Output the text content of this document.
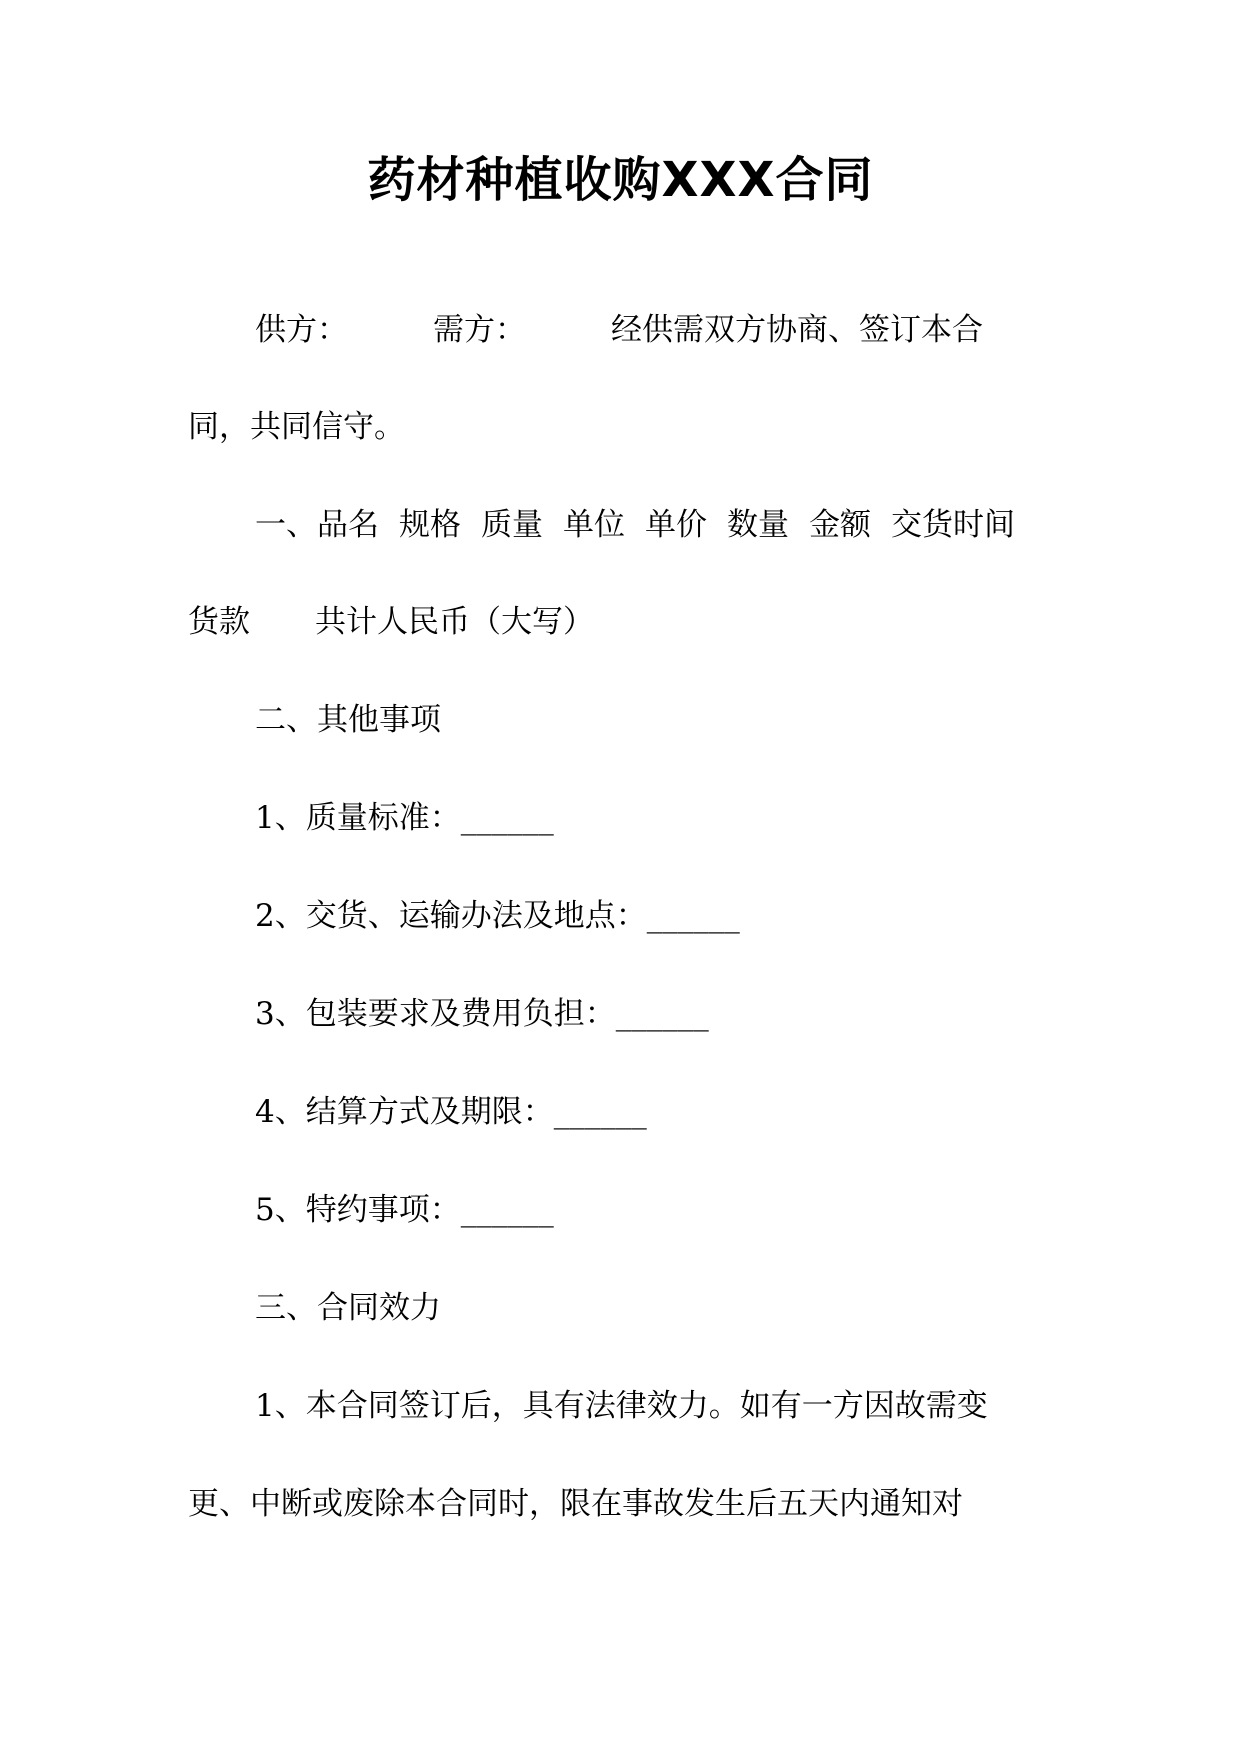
药材种植收购XXX合同
供方：	需方：	经供需双方协商、签订本合
同，共同信守。
一、品名 规格 质量 单位 单价 数量 金额 交货时间
货款 共计人民币（大写）
二、其他事项
1、质量标准：______
2、交货、运输办法及地点：______
3、包装要求及费用负担：______
4、结算方式及期限：______
5、特约事项：______
三、合同效力
1、本合同签订后，具有法律效力。如有一方因故需变
更、中断或废除本合同时，限在事故发生后五天内通知对
